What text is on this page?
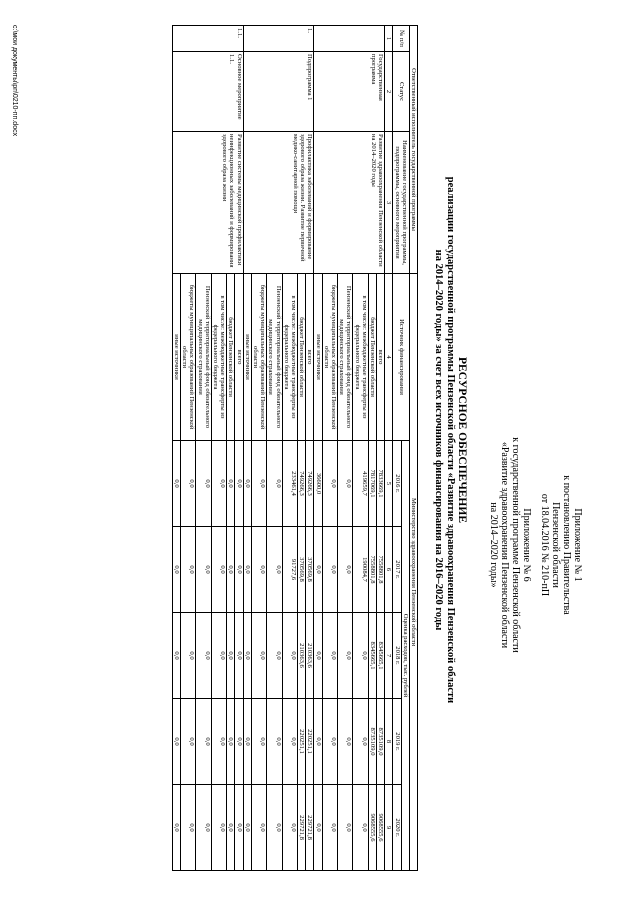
Приложение № 1
к постановлению Правительства
Пензенской области
от 18.04.2016 № 210-пП
Приложение № 6
к государственной программе Пензенской области
«Развитие здравоохранения Пензенской области
на 2014–2020 годы»
РЕСУРСНОЕ ОБЕСПЕЧЕНИЕ
реализации государственной программы Пензенской области «Развитие здравоохранения Пензенской области
на 2014–2020 годы» за счет всех источников финансирования на 2016–2020 годы
Ответственный исполнитель государственной программы			Министерство здравоохранения Пензенской области					
№ п/п	Статус	Наименование государственной программы, подпрограммы, основного мероприятия	Источник финансирования	Оценка расходов, тыс. рублей				
				2016 г.	2017 г.	2018 г.	2019 г.	2020 г.
1	2	3	4	5	6	7	8	9
	Государственная программа	Развитие здравоохранения Пензенской области на 2014–2020 годы	всего	7833669,1	7558801,8	8345665,1	8735109,0	9068555,6
			бюджет Пензенской области	7817069,1	7558801,8	8345665,1	8735109,0	9068555,6
			в том числе: межбюджетные трансферты из федерального бюджета	419659,7	190084,7	0,0	0,0	0,0
			Пензенский территориальный фонд обязательного медицинского страхования	0,0	0,0	0,0	0,0	0,0
			бюджеты муниципальных образований Пензенской области	0,0	0,0	0,0	0,0	0,0
			иные источники	36600,0	0,0	0,0	0,0	0,0
1.	Подпрограмма 1	Профилактика заболеваний и формирование здорового образа жизни. Развитие первичной медико-санитарной помощи	всего	749266,3	370569,8	210363,6	220251,1	229721,8
			бюджет Пензенской области	749266,3	370569,8	210363,6	220251,1	229721,8
			в том числе: межбюджетные трансферты из федерального бюджета	233461,4	91727,6	0,0	0,0	0,0
			Пензенский территориальный фонд обязательного медицинского страхования	0,0	0,0	0,0	0,0	0,0
			бюджеты муниципальных образований Пензенской области	0,0	0,0	0,0	0,0	0,0
			иные источники	0,0	0,0	0,0	0,0	0,0
1.1.	Основное мероприятие 1.1.	Развитие системы медицинской профилактики неинфекционных заболеваний и формирования здорового образа жизни	всего	0,0	0,0	0,0	0,0	0,0
			бюджет Пензенской области	0,0	0,0	0,0	0,0	0,0
			в том числе: межбюджетные трансферты из федерального бюджета	0,0	0,0	0,0	0,0	0,0
			Пензенский территориальный фонд обязательного медицинского страхования	0,0	0,0	0,0	0,0	0,0
			бюджеты муниципальных образований Пензенской области	0,0	0,0	0,0	0,0	0,0
			иные источники	0,0	0,0	0,0	0,0	0,0
c:\мои документы\рп\0210-пп.docx
